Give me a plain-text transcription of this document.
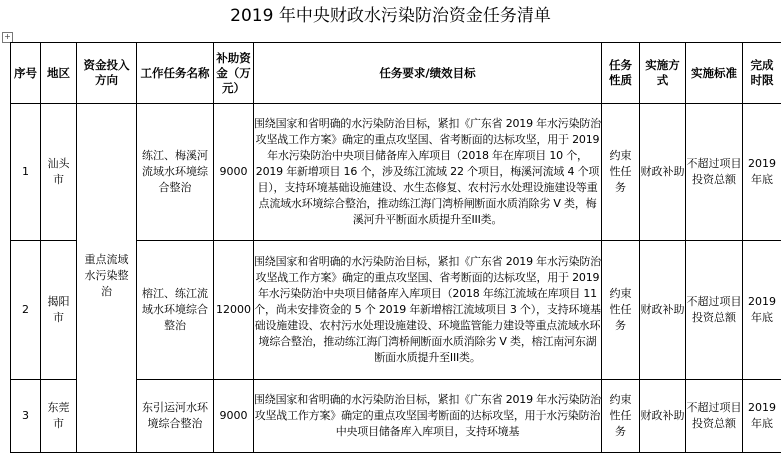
2019 年中央财政水污染防治资金任务清单
+
序号	地区	资金投入方向	工作任务名称	补助资金（万元）	任务要求/绩效目标	任务性质	实施方式	实施标准	完成时限

1	汕头市	重点流域水污染整治	练江、梅溪河流域水环境综合整治	9000	围绕国家和省明确的水污染防治目标，紧扣《广东省 2019 年水污染防治攻坚战工作方案》确定的重点攻坚国、省考断面的达标攻坚，用于 2019 年水污染防治中央项目储备库入库项目（2018 年在库项目 10 个，2019 年新增项目 16 个，涉及练江流域 22 个项目，梅溪河流域 4 个项目），支持环境基础设施建设、水生态修复、农村污水处理设施建设等重点流域水环境综合整治，推动练江海门湾桥闸断面水质消除劣 V 类，梅溪河升平断面水质提升至III类。	约束性任务	财政补助	不超过项目投资总额	2019 年底
2	揭阳市		榕江、练江流域水环境综合整治	12000	围绕国家和省明确的水污染防治目标，紧扣《广东省 2019 年水污染防治攻坚战工作方案》确定的重点攻坚国、省考断面的达标攻坚，用于 2019 年水污染防治中央项目储备库入库项目（2018 年练江流域在库项目 11 个，尚未安排资金的 5 个 2019 年新增榕江流域项目 3 个），支持环境基础设施建设、农村污水处理设施建设、环境监管能力建设等重点流域水环境综合整治，推动练江海门湾桥闸断面水质消除劣 V 类，榕江南河东湖断面水质提升至III类。	约束性任务	财政补助	不超过项目投资总额	2019 年底
3	东莞市		东引运河水环境综合整治	9000	围绕国家和省明确的水污染防治目标，紧扣《广东省 2019 年水污染防治攻坚战工作方案》确定的重点攻坚国考断面的达标攻坚，用于水污染防治中央项目储备库入库项目，支持环境基	约束性任务	财政补助	不超过项目投资总额	2019 年底
